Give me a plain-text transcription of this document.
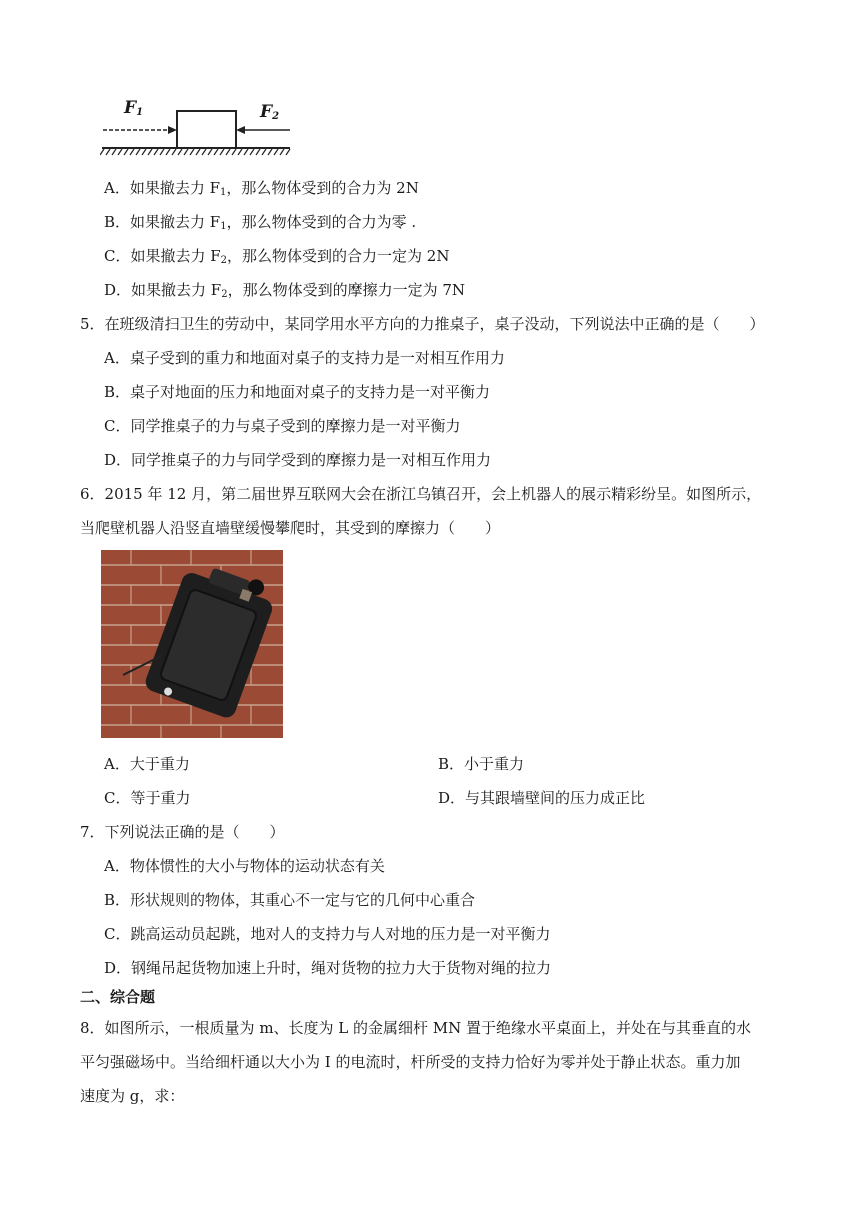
$F_1$	$F_2$
A．如果撤去力 $F_1$，那么物体受到的合力为 2N
B．如果撤去力 $F_1$，那么物体受到的合力为零 .
C．如果撤去力 $F_2$，那么物体受到的合力一定为 2N
D．如果撤去力 $F_2$，那么物体受到的摩擦力一定为 7N
5．在班级清扫卫生的劳动中，某同学用水平方向的力推桌子，桌子没动，下列说法中正确的是（　　）
A．桌子受到的重力和地面对桌子的支持力是一对相互作用力
B．桌子对地面的压力和地面对桌子的支持力是一对平衡力
C．同学推桌子的力与桌子受到的摩擦力是一对平衡力
D．同学推桌子的力与同学受到的摩擦力是一对相互作用力
6．2015 年 12 月，第二届世界互联网大会在浙江乌镇召开，会上机器人的展示精彩纷呈。如图所示，
当爬壁机器人沿竖直墙壁缓慢攀爬时，其受到的摩擦力（　　）
A．大于重力	B．小于重力
C．等于重力	D．与其跟墙壁间的压力成正比
7．下列说法正确的是（　　）
A．物体惯性的大小与物体的运动状态有关
B．形状规则的物体，其重心不一定与它的几何中心重合
C．跳高运动员起跳，地对人的支持力与人对地的压力是一对平衡力
D．钢绳吊起货物加速上升时，绳对货物的拉力大于货物对绳的拉力
二、综合题
8．如图所示，一根质量为 m、长度为 L 的金属细杆 MN 置于绝缘水平桌面上，并处在与其垂直的水
平匀强磁场中。当给细杆通以大小为 I 的电流时，杆所受的支持力恰好为零并处于静止状态。重力加
速度为 g，求：
